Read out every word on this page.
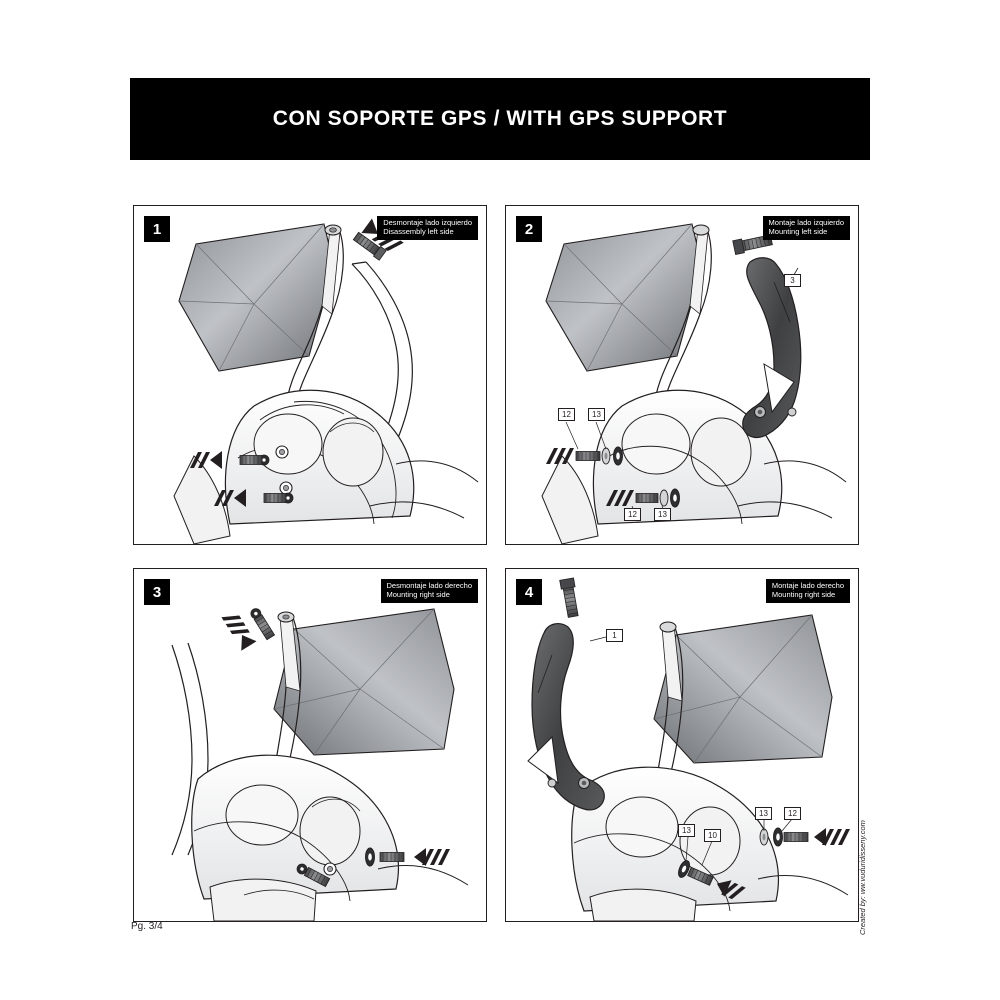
CON SOPORTE GPS / WITH GPS SUPPORT
1	Desmontaje lado izquierdo
Disassembly left side	2	Montaje lado izquierdo
Mounting left side
3
12	13
12	13
3	Desmontaje lado derecho
Mounting right side	4	Montaje lado derecho
Mounting right side
1
13	12
13
10
Pg. 3/4	Created by: ww.vuduridisseny.com
